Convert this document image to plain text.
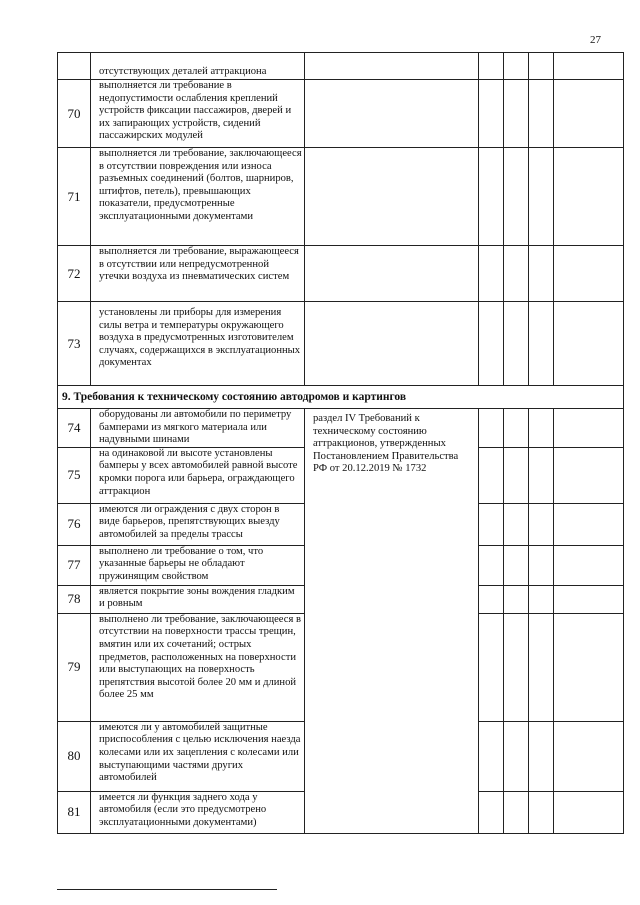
27
	отсутствующих деталей аттракциона					
70	выполняется ли требование в недопустимости ослабления креплений устройств фиксации пассажиров, дверей и их запирающих устройств, сидений пассажирских модулей					
71	выполняется ли требование, заключающееся в отсутствии повреждения или износа разъемных соединений (болтов, шарниров, штифтов, петель), превышающих показатели, предусмотренные эксплуатационными документами					
72	выполняется ли требование, выражающееся в отсутствии или непредусмотренной утечки воздуха из пневматических систем					
73	установлены ли приборы для измерения силы ветра и температуры окружающего воздуха в предусмотренных изготовителем случаях, содержащихся в эксплуатационных документах					
9. Требования к техническому состоянию автодромов и картингов						
74	оборудованы ли автомобили по периметру бамперами из мягкого материала или надувными шинами	раздел IV Требований к техническому состоянию аттракционов, утвержденных Постановлением Правительства РФ от 20.12.2019 № 1732				
75	на одинаковой ли высоте установлены бамперы у всех автомобилей равной высоте кромки порога или барьера, ограждающего аттракцион					
76	имеются ли ограждения с двух сторон в виде барьеров, препятствующих выезду автомобилей за пределы трассы					
77	выполнено ли требование о том, что указанные барьеры не обладают пружинящим свойством					
78	является покрытие зоны вождения гладким и ровным					
79	выполнено ли требование, заключающееся в отсутствии на поверхности трассы трещин, вмятин или их сочетаний; острых предметов, расположенных на поверхности или выступающих на поверхность препятствия высотой более 20 мм и длиной более 25 мм					
80	имеются ли у автомобилей защитные приспособления с целью исключения наезда колесами или их зацепления с колесами или выступающими частями других автомобилей					
81	имеется ли функция заднего хода у автомобиля (если это предусмотрено эксплуатационными документами)					
